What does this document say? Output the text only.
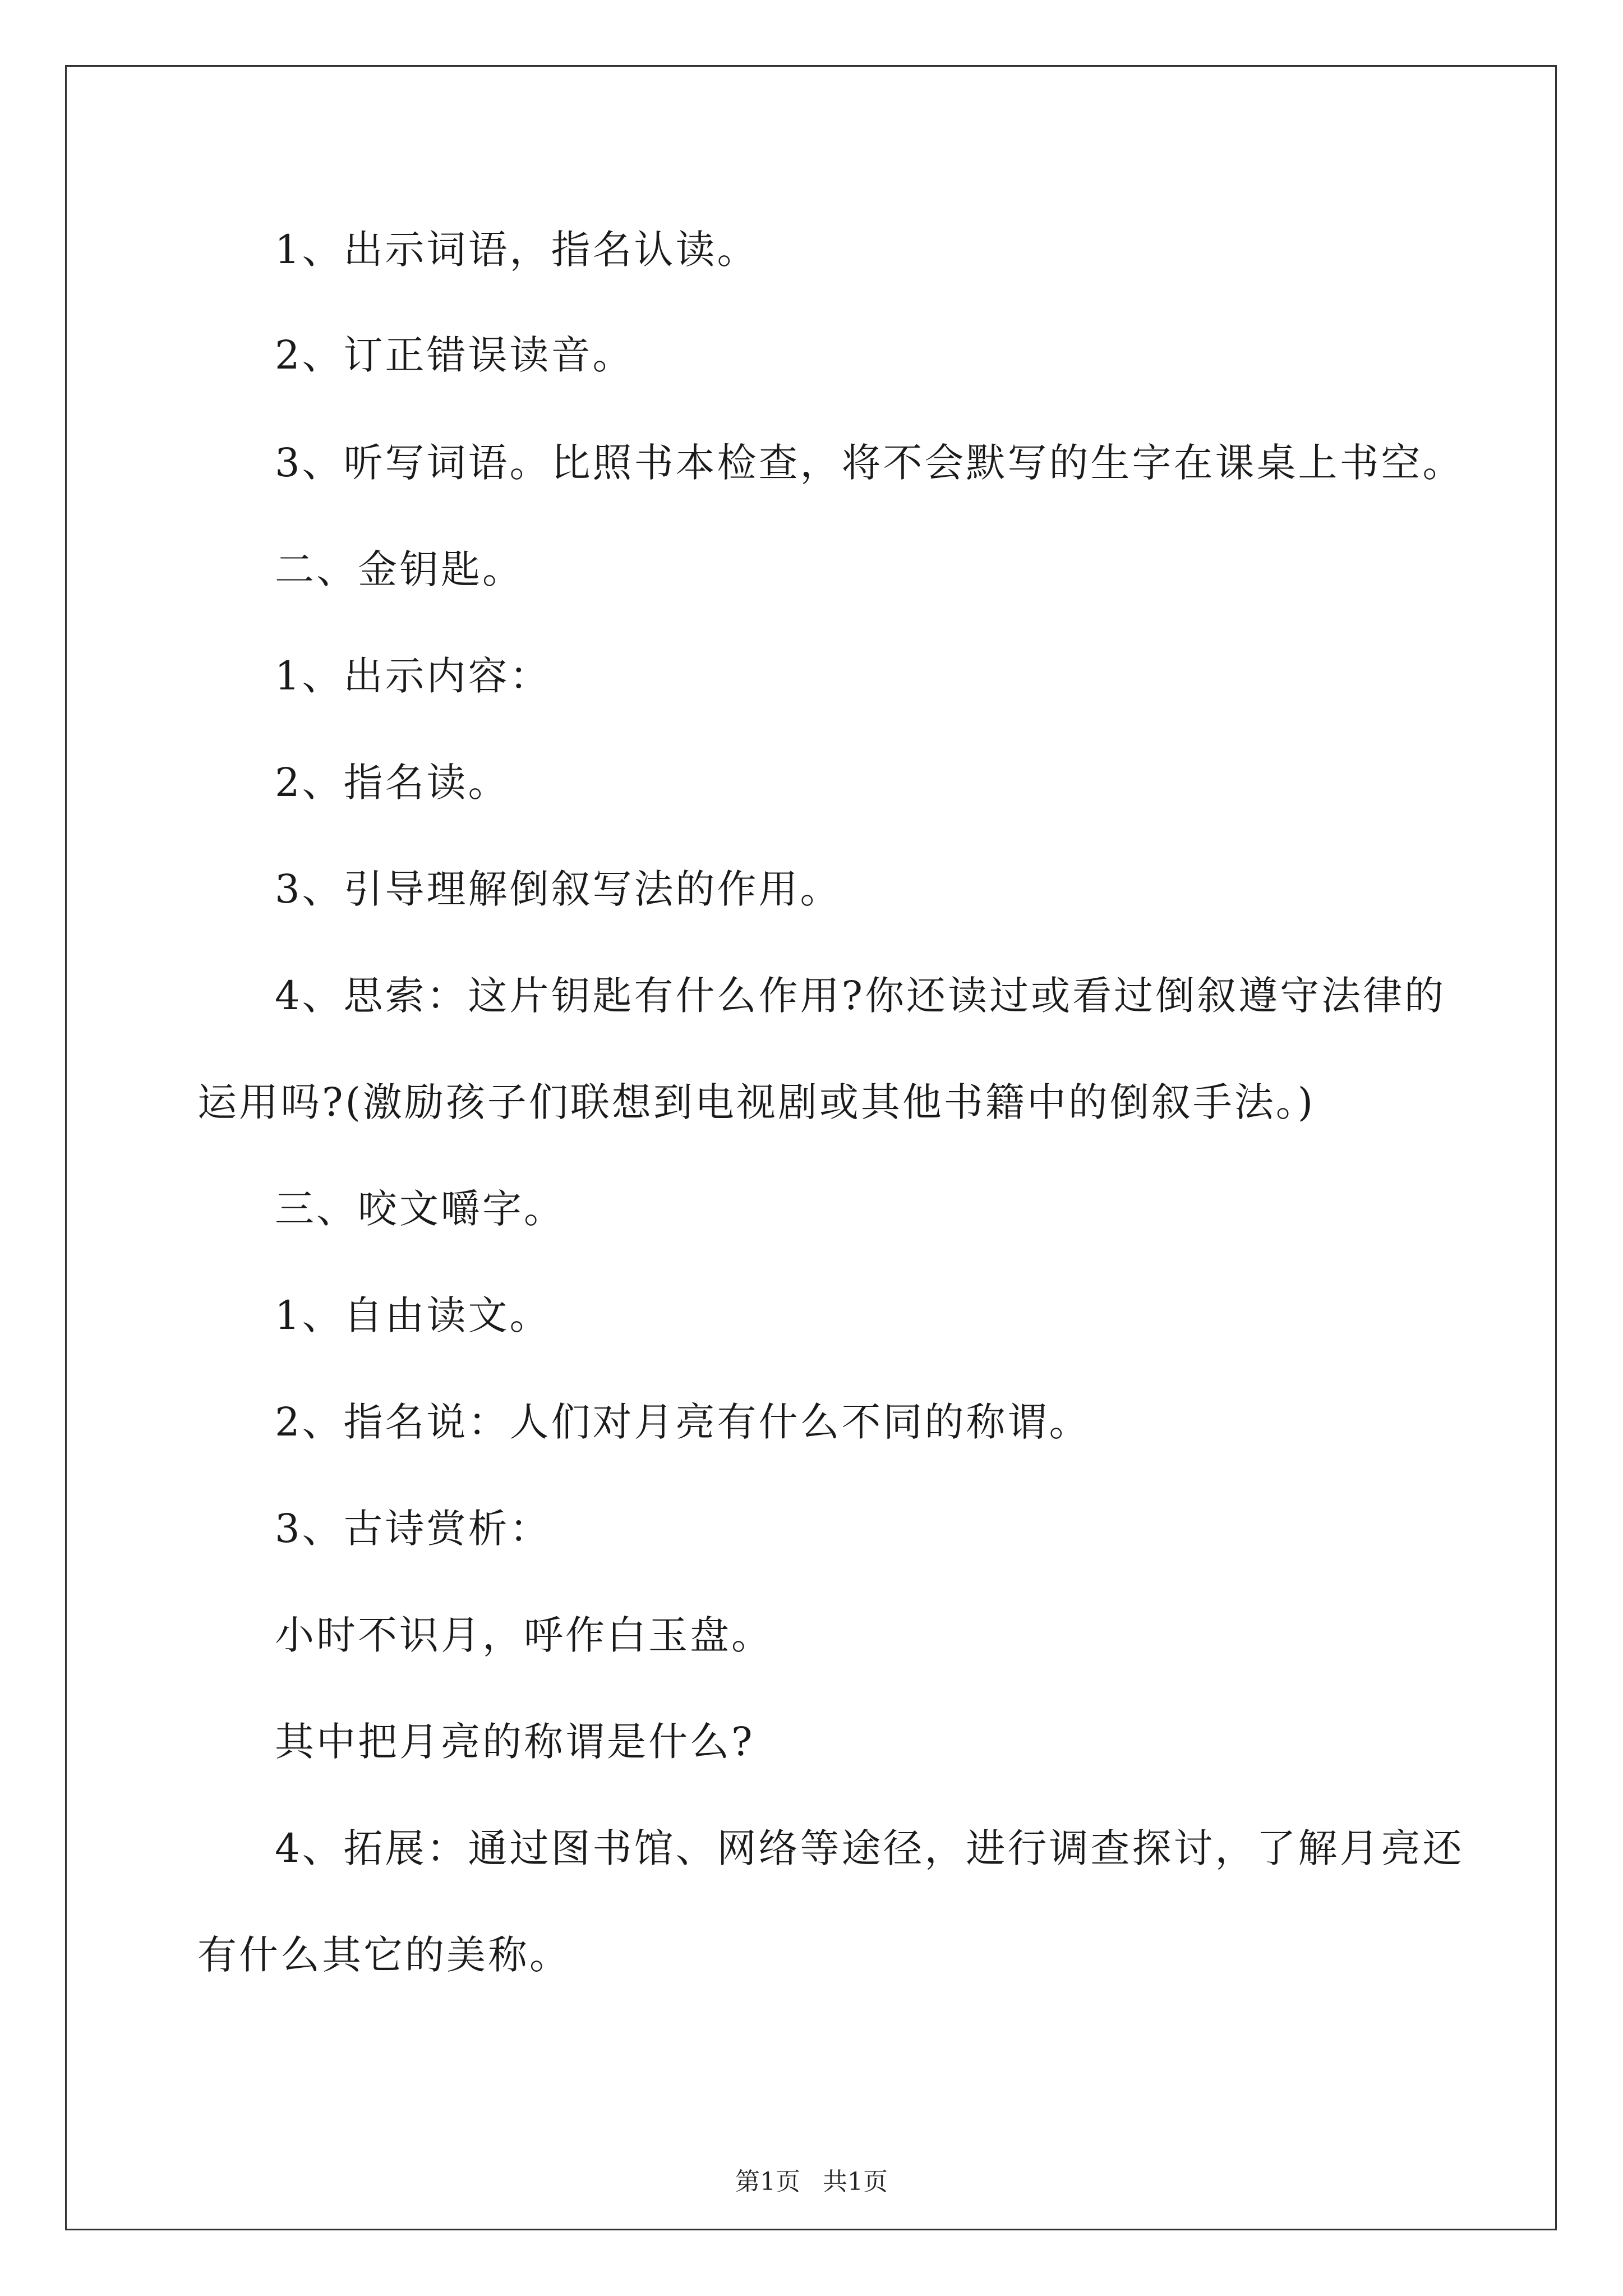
1、出示词语，指名认读。
2、订正错误读音。
3、听写词语。比照书本检查，将不会默写的生字在课桌上书空。
二、金钥匙。
1、出示内容：
2、指名读。
3、引导理解倒叙写法的作用。
4、思索：这片钥匙有什么作用?你还读过或看过倒叙遵守法律的
运用吗?(激励孩子们联想到电视剧或其他书籍中的倒叙手法。)
三、咬文嚼字。
1、自由读文。
2、指名说：人们对月亮有什么不同的称谓。
3、古诗赏析：
小时不识月，呼作白玉盘。
其中把月亮的称谓是什么?
4、拓展：通过图书馆、网络等途径，进行调查探讨，了解月亮还
有什么其它的美称。
第1页 共1页
